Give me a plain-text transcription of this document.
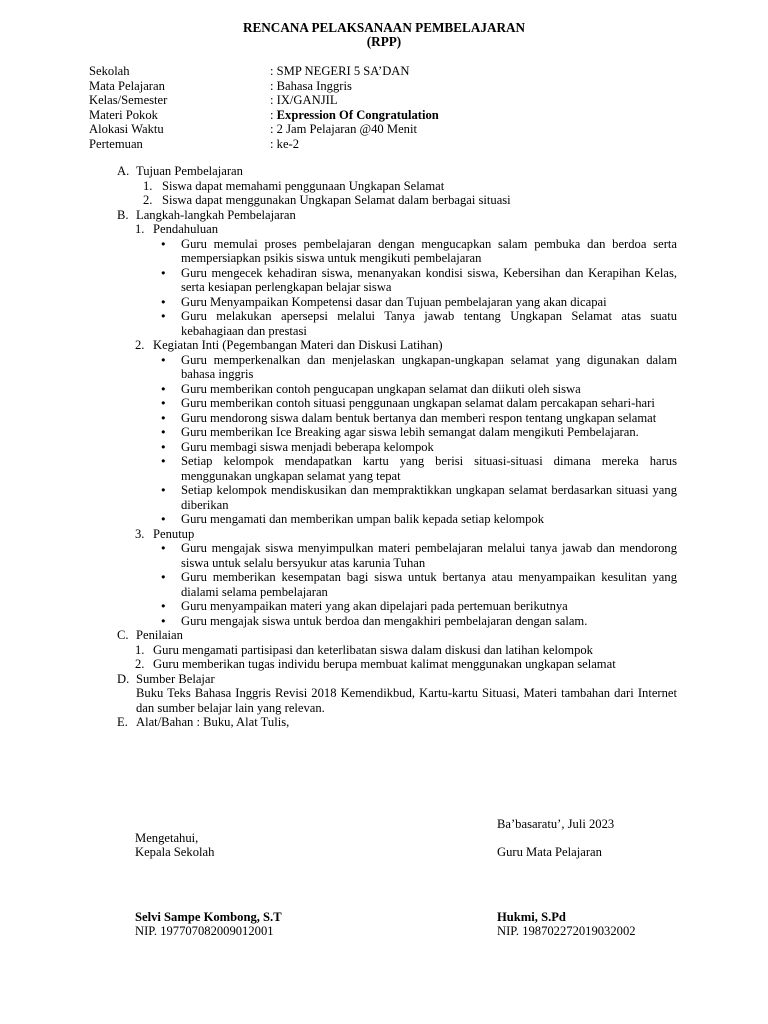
RENCANA PELAKSANAAN PEMBELAJARAN
(RPP)
Sekolah	: SMP NEGERI 5 SA’DAN
Mata Pelajaran	: Bahasa Inggris
Kelas/Semester	: IX/GANJIL
Materi Pokok	: Expression Of Congratulation
Alokasi Waktu	: 2 Jam Pelajaran @40 Menit
Pertemuan	: ke-2
A. Tujuan Pembelajaran
1. Siswa dapat memahami penggunaan Ungkapan Selamat
2. Siswa dapat menggunakan Ungkapan Selamat dalam berbagai situasi
B. Langkah-langkah Pembelajaran
1. Pendahuluan
● Guru memulai proses pembelajaran dengan mengucapkan salam pembuka dan berdoa serta mempersiapkan psikis siswa untuk mengikuti pembelajaran
● Guru mengecek kehadiran siswa, menanyakan kondisi siswa, Kebersihan dan Kerapihan Kelas, serta kesiapan perlengkapan belajar siswa
● Guru Menyampaikan Kompetensi dasar dan Tujuan pembelajaran yang akan dicapai
● Guru melakukan apersepsi melalui Tanya jawab tentang Ungkapan Selamat atas suatu kebahagiaan dan prestasi
2. Kegiatan Inti (Pegembangan Materi dan Diskusi Latihan)
● Guru memperkenalkan dan menjelaskan ungkapan-ungkapan selamat yang digunakan dalam bahasa inggris
● Guru memberikan contoh pengucapan ungkapan selamat dan diikuti oleh siswa
● Guru memberikan contoh situasi penggunaan ungkapan selamat dalam percakapan sehari-hari
● Guru mendorong siswa dalam bentuk bertanya dan memberi respon tentang ungkapan selamat
● Guru memberikan Ice Breaking agar siswa lebih semangat dalam mengikuti Pembelajaran.
● Guru membagi siswa menjadi beberapa kelompok
● Setiap kelompok mendapatkan kartu yang berisi situasi-situasi dimana mereka harus menggunakan ungkapan selamat yang tepat
● Setiap kelompok mendiskusikan dan mempraktikkan ungkapan selamat berdasarkan situasi yang diberikan
● Guru mengamati dan memberikan umpan balik kepada setiap kelompok
3. Penutup
● Guru mengajak siswa menyimpulkan materi pembelajaran melalui tanya jawab dan mendorong siswa untuk selalu bersyukur atas karunia Tuhan
● Guru memberikan kesempatan bagi siswa untuk bertanya atau menyampaikan kesulitan yang dialami selama pembelajaran
● Guru menyampaikan materi yang akan dipelajari pada pertemuan berikutnya
● Guru mengajak siswa untuk berdoa dan mengakhiri pembelajaran dengan salam.
C. Penilaian
1. Guru mengamati partisipasi dan keterlibatan siswa dalam diskusi dan latihan kelompok
2. Guru memberikan tugas individu berupa membuat kalimat menggunakan ungkapan selamat
D. Sumber Belajar
Buku Teks Bahasa Inggris Revisi 2018 Kemendikbud, Kartu-kartu Situasi, Materi tambahan dari Internet dan sumber belajar lain yang relevan.
E. Alat/Bahan : Buku, Alat Tulis,
Ba’basaratu’, Juli 2023
Mengetahui,
Kepala Sekolah	Guru Mata Pelajaran
Selvi Sampe Kombong, S.T	Hukmi, S.Pd
NIP. 197707082009012001	NIP. 198702272019032002
